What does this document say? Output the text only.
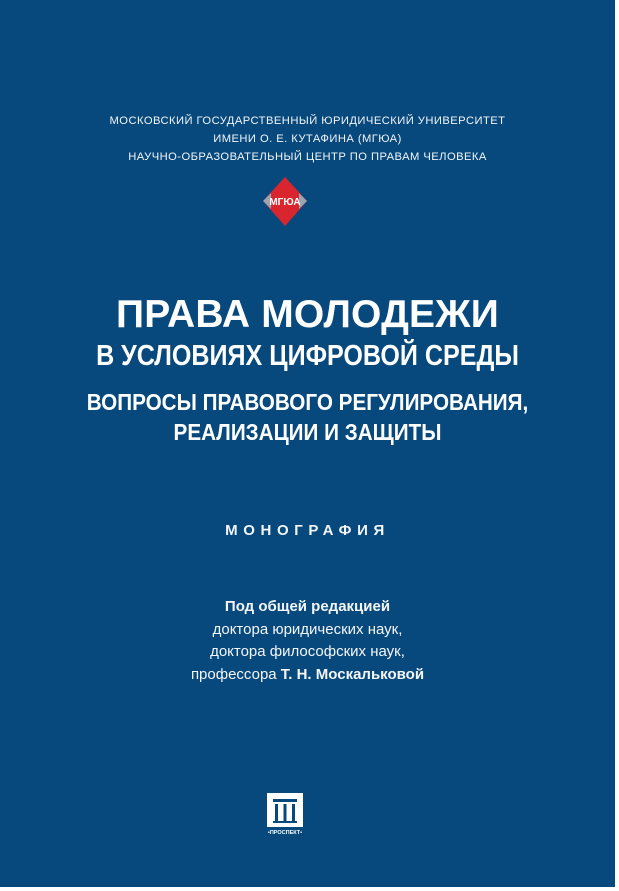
МОСКОВСКИЙ ГОСУДАРСТВЕННЫЙ ЮРИДИЧЕСКИЙ УНИВЕРСИТЕТ
ИМЕНИ О. Е. КУТАФИНА (МГЮА)
НАУЧНО-ОБРАЗОВАТЕЛЬНЫЙ ЦЕНТР ПО ПРАВАМ ЧЕЛОВЕКА
МГЮА
ПРАВА МОЛОДЕЖИ
В УСЛОВИЯХ ЦИФРОВОЙ СРЕДЫ
ВОПРОСЫ ПРАВОВОГО РЕГУЛИРОВАНИЯ,
РЕАЛИЗАЦИИ И ЗАЩИТЫ
МОНОГРАФИЯ
Под общей редакцией
доктора юридических наук,
доктора философских наук,
профессора Т. Н. Москальковой
•ПРОСПЕКТ•
